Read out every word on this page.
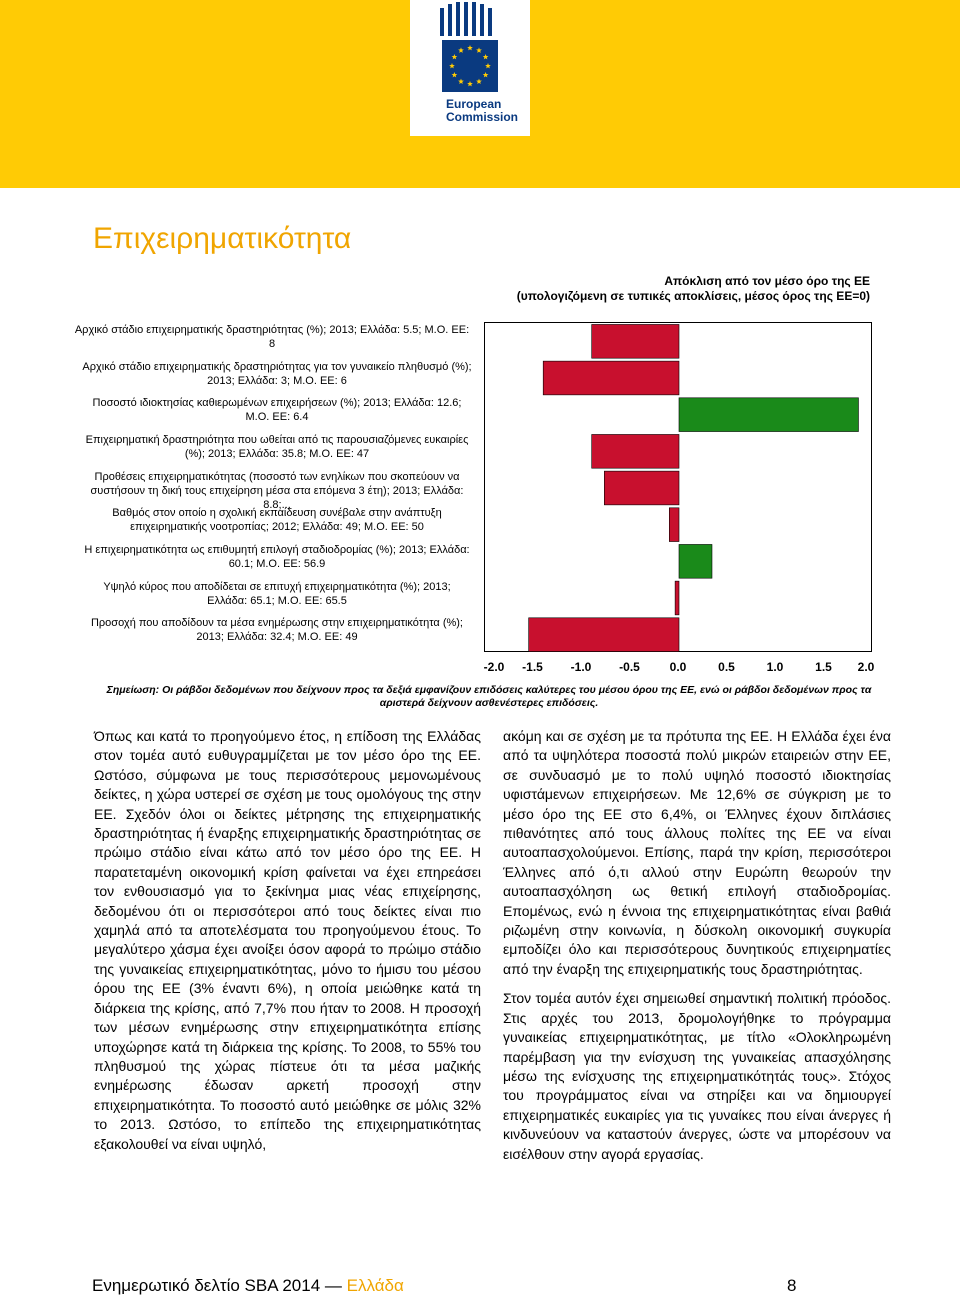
European
Commission
Επιχειρηματικότητα
Απόκλιση από τον μέσο όρο της ΕΕ
(υπολογιζόμενη σε τυπικές αποκλίσεις, μέσος όρος της ΕΕ=0)
Αρχικό στάδιο επιχειρηματικής δραστηριότητας (%); 2013; Ελλάδα: 5.5; Μ.Ο. ΕΕ: 8
Αρχικό στάδιο επιχειρηματικής δραστηριότητας για τον γυναικείο πληθυσμό (%); 2013; Ελλάδα: 3; Μ.Ο. ΕΕ: 6
Ποσοστό ιδιοκτησίας καθιερωμένων επιχειρήσεων (%); 2013; Ελλάδα: 12.6; Μ.Ο. ΕΕ: 6.4
Επιχειρηματική δραστηριότητα που ωθείται από τις παρουσιαζόμενες ευκαιρίες (%); 2013; Ελλάδα: 35.8; Μ.Ο. ΕΕ: 47
Προθέσεις επιχειρηματικότητας (ποσοστό των ενηλίκων που σκοπεύουν να συστήσουν τη δική τους επιχείρηση μέσα στα επόμενα 3 έτη); 2013; Ελλάδα: 8.8;...
Βαθμός στον οποίο η σχολική εκπαίδευση συνέβαλε στην ανάπτυξη επιχειρηματικής νοοτροπίας; 2012; Ελλάδα: 49; Μ.Ο. ΕΕ: 50
Η επιχειρηματικότητα ως επιθυμητή επιλογή σταδιοδρομίας (%); 2013; Ελλάδα: 60.1; Μ.Ο. ΕΕ: 56.9
Υψηλό κύρος που αποδίδεται σε επιτυχή επιχειρηματικότητα (%); 2013; Ελλάδα: 65.1; Μ.Ο. ΕΕ: 65.5
Προσοχή που αποδίδουν τα μέσα ενημέρωσης στην επιχειρηματικότητα (%); 2013; Ελλάδα: 32.4; Μ.Ο. ΕΕ: 49
-2.0 -1.5 -1.0 -0.5 0.0	0.5	1.0	1.5 2.0
Σημείωση: Οι ράβδοι δεδομένων που δείχνουν προς τα δεξιά εμφανίζουν επιδόσεις καλύτερες του μέσου όρου της ΕΕ, ενώ οι ράβδοι δεδομένων προς τα αριστερά δείχνουν ασθενέστερες επιδόσεις.

Όπως και κατά το προηγούμενο έτος, η επίδοση της Ελλάδας στον τομέα αυτό ευθυγραμμίζεται με τον μέσο όρο της ΕΕ. Ωστόσο, σύμφωνα με τους περισσότερους μεμονωμένους δείκτες, η χώρα υστερεί σε σχέση με τους ομολόγους της στην ΕΕ. Σχεδόν όλοι οι δείκτες μέτρησης της επιχειρηματικής δραστηριότητας ή έναρξης επιχειρηματικής δραστηριότητας σε πρώιμο στάδιο είναι κάτω από τον μέσο όρο της ΕΕ. Η παρατεταμένη οικονομική κρίση φαίνεται να έχει επηρεάσει τον ενθουσιασμό για το ξεκίνημα μιας νέας επιχείρησης, δεδομένου ότι οι περισσότεροι από τους δείκτες είναι πιο χαμηλά από τα αποτελέσματα του προηγούμενου έτους. Το μεγαλύτερο χάσμα έχει ανοίξει όσον αφορά το πρώιμο στάδιο της γυναικείας επιχειρηματικότητας, μόνο το ήμισυ του μέσου όρου της ΕΕ (3% έναντι 6%), η οποία μειώθηκε κατά τη διάρκεια της κρίσης, από 7,7% που ήταν το 2008. Η προσοχή των μέσων ενημέρωσης στην επιχειρηματικότητα επίσης υποχώρησε κατά τη διάρκεια της κρίσης. Το 2008, το 55% του πληθυσμού της χώρας πίστευε ότι τα μέσα μαζικής ενημέρωσης έδωσαν αρκετή προσοχή στην επιχειρηματικότητα. Το ποσοστό αυτό μειώθηκε σε μόλις 32% το 2013. Ωστόσο, το επίπεδο της επιχειρηματικότητας εξακολουθεί να είναι υψηλό,

ακόμη και σε σχέση με τα πρότυπα της ΕΕ. Η Ελλάδα έχει ένα από τα υψηλότερα ποσοστά πολύ μικρών εταιρειών στην ΕΕ, σε συνδυασμό με το πολύ υψηλό ποσοστό ιδιοκτησίας υφιστάμενων επιχειρήσεων. Με 12,6% σε σύγκριση με το μέσο όρο της ΕΕ στο 6,4%, οι Έλληνες έχουν διπλάσιες πιθανότητες από τους άλλους πολίτες της ΕΕ να είναι αυτοαπασχολούμενοι. Επίσης, παρά την κρίση, περισσότεροι Έλληνες από ό,τι αλλού στην Ευρώπη θεωρούν την αυτοαπασχόληση ως θετική επιλογή σταδιοδρομίας. Επομένως, ενώ η έννοια της επιχειρηματικότητας είναι βαθιά ριζωμένη στην κοινωνία, η δύσκολη οικονομική συγκυρία εμποδίζει όλο και περισσότερους δυνητικούς επιχειρηματίες από την έναρξη της επιχειρηματικής τους δραστηριότητας.

Στον τομέα αυτόν έχει σημειωθεί σημαντική πολιτική πρόοδος. Στις αρχές του 2013, δρομολογήθηκε το πρόγραμμα γυναικείας επιχειρηματικότητας, με τίτλο «Ολοκληρωμένη παρέμβαση για την ενίσχυση της γυναικείας απασχόλησης μέσω της ενίσχυσης της επιχειρηματικότητάς τους». Στόχος του προγράμματος είναι να στηρίξει και να δημιουργεί επιχειρηματικές ευκαιρίες για τις γυναίκες που είναι άνεργες ή κινδυνεύουν να καταστούν άνεργες, ώστε να μπορέσουν να εισέλθουν στην αγορά εργασίας.

Ενημερωτικό δελτίο SBA 2014 — Ελλάδα	8
